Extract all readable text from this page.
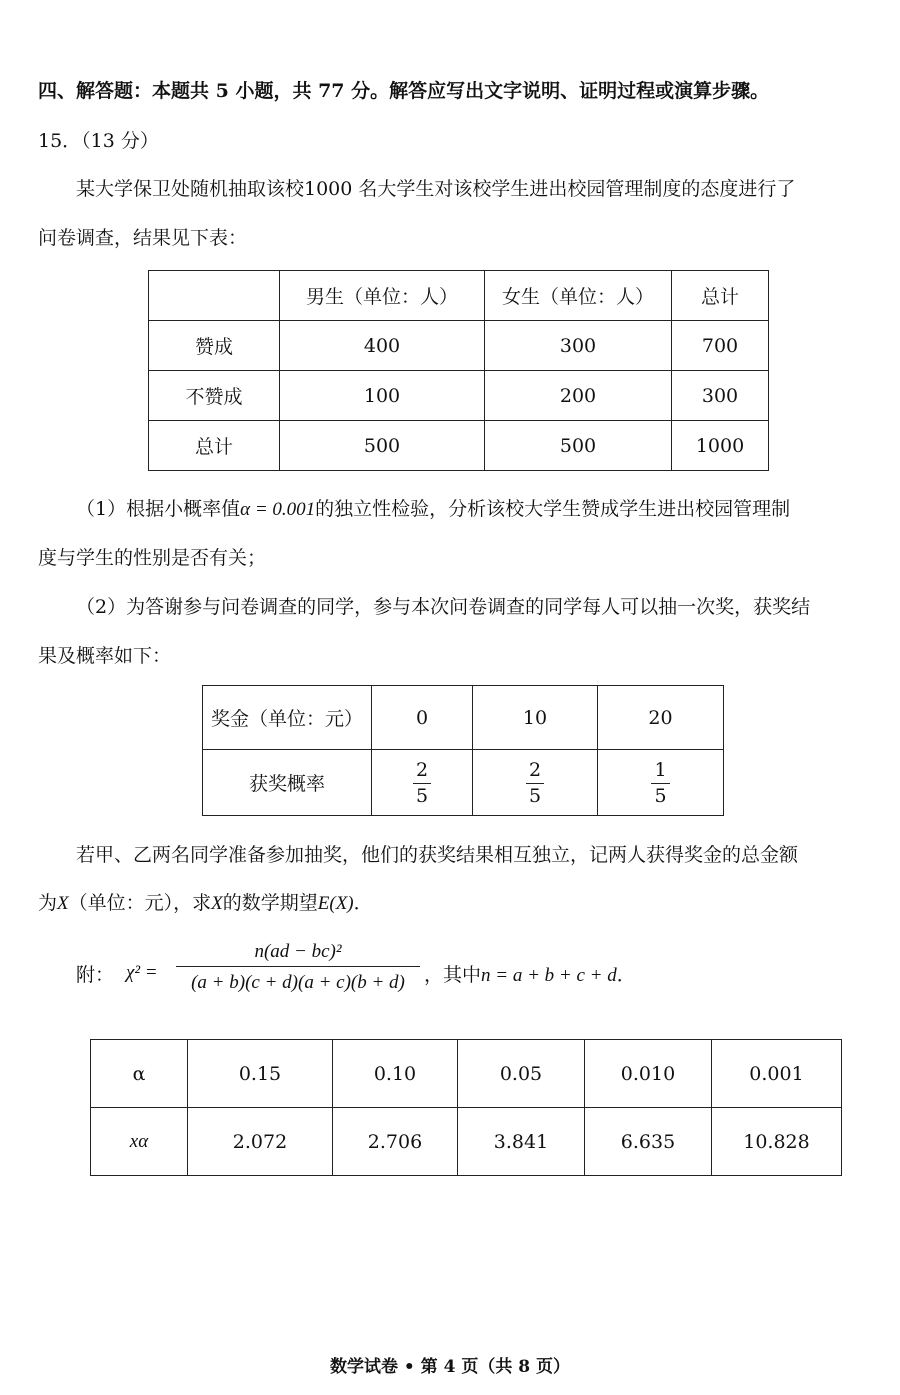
四、解答题：本题共 5 小题，共 77 分。解答应写出文字说明、证明过程或演算步骤。
15．（13 分）
某大学保卫处随机抽取该校1000 名大学生对该校学生进出校园管理制度的态度进行了
问卷调查，结果见下表：
	男生（单位：人）	女生（单位：人）	总计
赞成	400	300	700
不赞成	100	200	300
总计	500	500	1000
（1）根据小概率值α = 0.001的独立性检验，分析该校大学生赞成学生进出校园管理制
度与学生的性别是否有关；
（2）为答谢参与问卷调查的同学，参与本次问卷调查的同学每人可以抽一次奖，获奖结
果及概率如下：
奖金（单位：元）	0	10	20
获奖概率	$\frac{2}{5}$	$\frac{2}{5}$	$\frac{1}{5}$
若甲、乙两名同学准备参加抽奖，他们的获奖结果相互独立，记两人获得奖金的总金额
为X（单位：元），求X的数学期望E(X)．
附： $\chi^2 = \frac{\text{n(ad − bc)²}}{(a + b)(c + d)(a + c)(b + d)}$ ，其中n = a + b + c + d．
α	0.15	0.10	0.05	0.010	0.001
xα	2.072	2.706	3.841	6.635	10.828
数学试卷 • 第 4 页（共 8 页）
